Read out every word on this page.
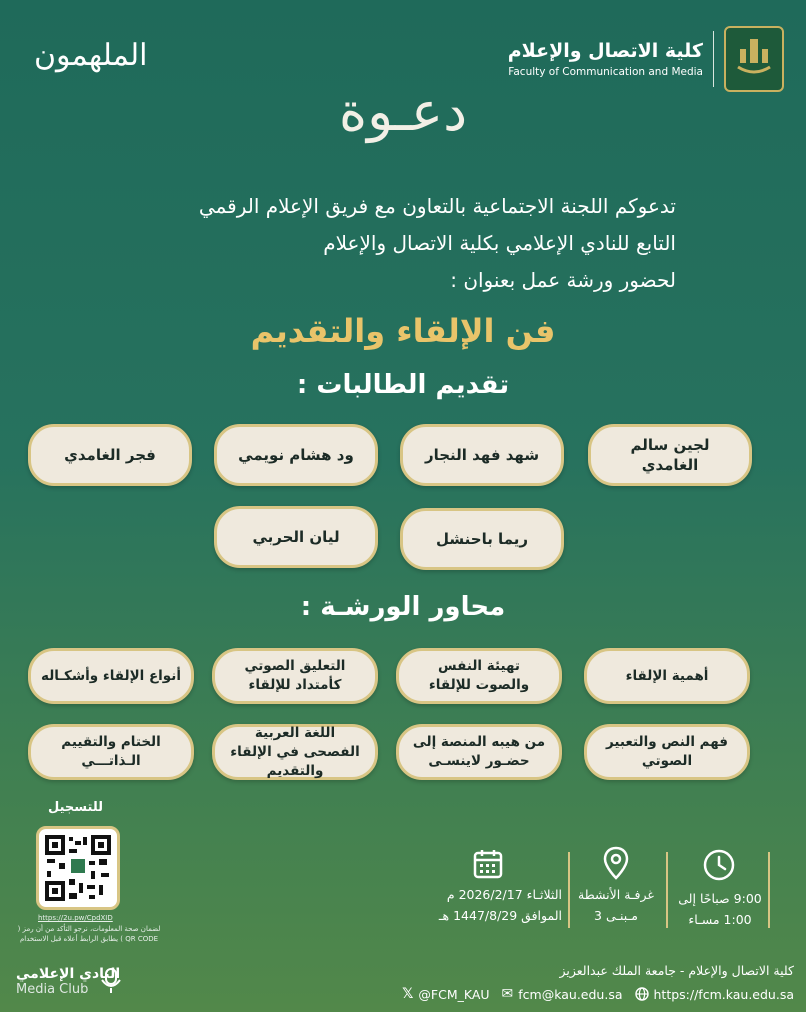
الملهمون	كلية الاتصال والإعلام
Faculty of Communication and Media
دعـوة
تدعوكم اللجنة الاجتماعية بالتعاون مع فريق الإعلام الرقمي
التابع للنادي الإعلامي بكلية الاتصال والإعلام
لحضور ورشة عمل بعنوان :
فن الإلقاء والتقديم
تقديم الطالبات :
لجين سالم الغامدي
شهد فهد النجار
ود هشام نويمي
فجر الغامدي
ريما باحنشل
ليان الحربي
محاور الورشـة :
أهمية الإلقاء
تهيئة النفس والصوت للإلقاء
التعليق الصوتي كأمتداد للإلقاء
أنواع الإلقاء وأشكـاله
فهم النص والتعبير الصوتي
من هيبه المنصة إلى حضـور لاينسـى
اللغة العربية الفصحى في الإلقاء والتقديم
الختام والتقييم الـذاتـــي
للتسجيل
https://2u.pw/CpdXID
لضمان صحة المعلومات، نرجو التأكد من أن رمز ( QR CODE ) يطابق الرابط أعلاه قبل الاستخدام
9:00 صباحًا إلى
1:00 مسـاء
غرفـة الأنشطة
مـبنـى 3
الثلاثـاء 2026/2/17 م
الموافق 1447/8/29 هـ
النادي الإعلامي
Media Club
كلية الاتصال والإعلام - جامعة الملك عبدالعزيز
𝕏 @FCM_KAU ✉ fcm@kau.edu.sa https://fcm.kau.edu.sa
